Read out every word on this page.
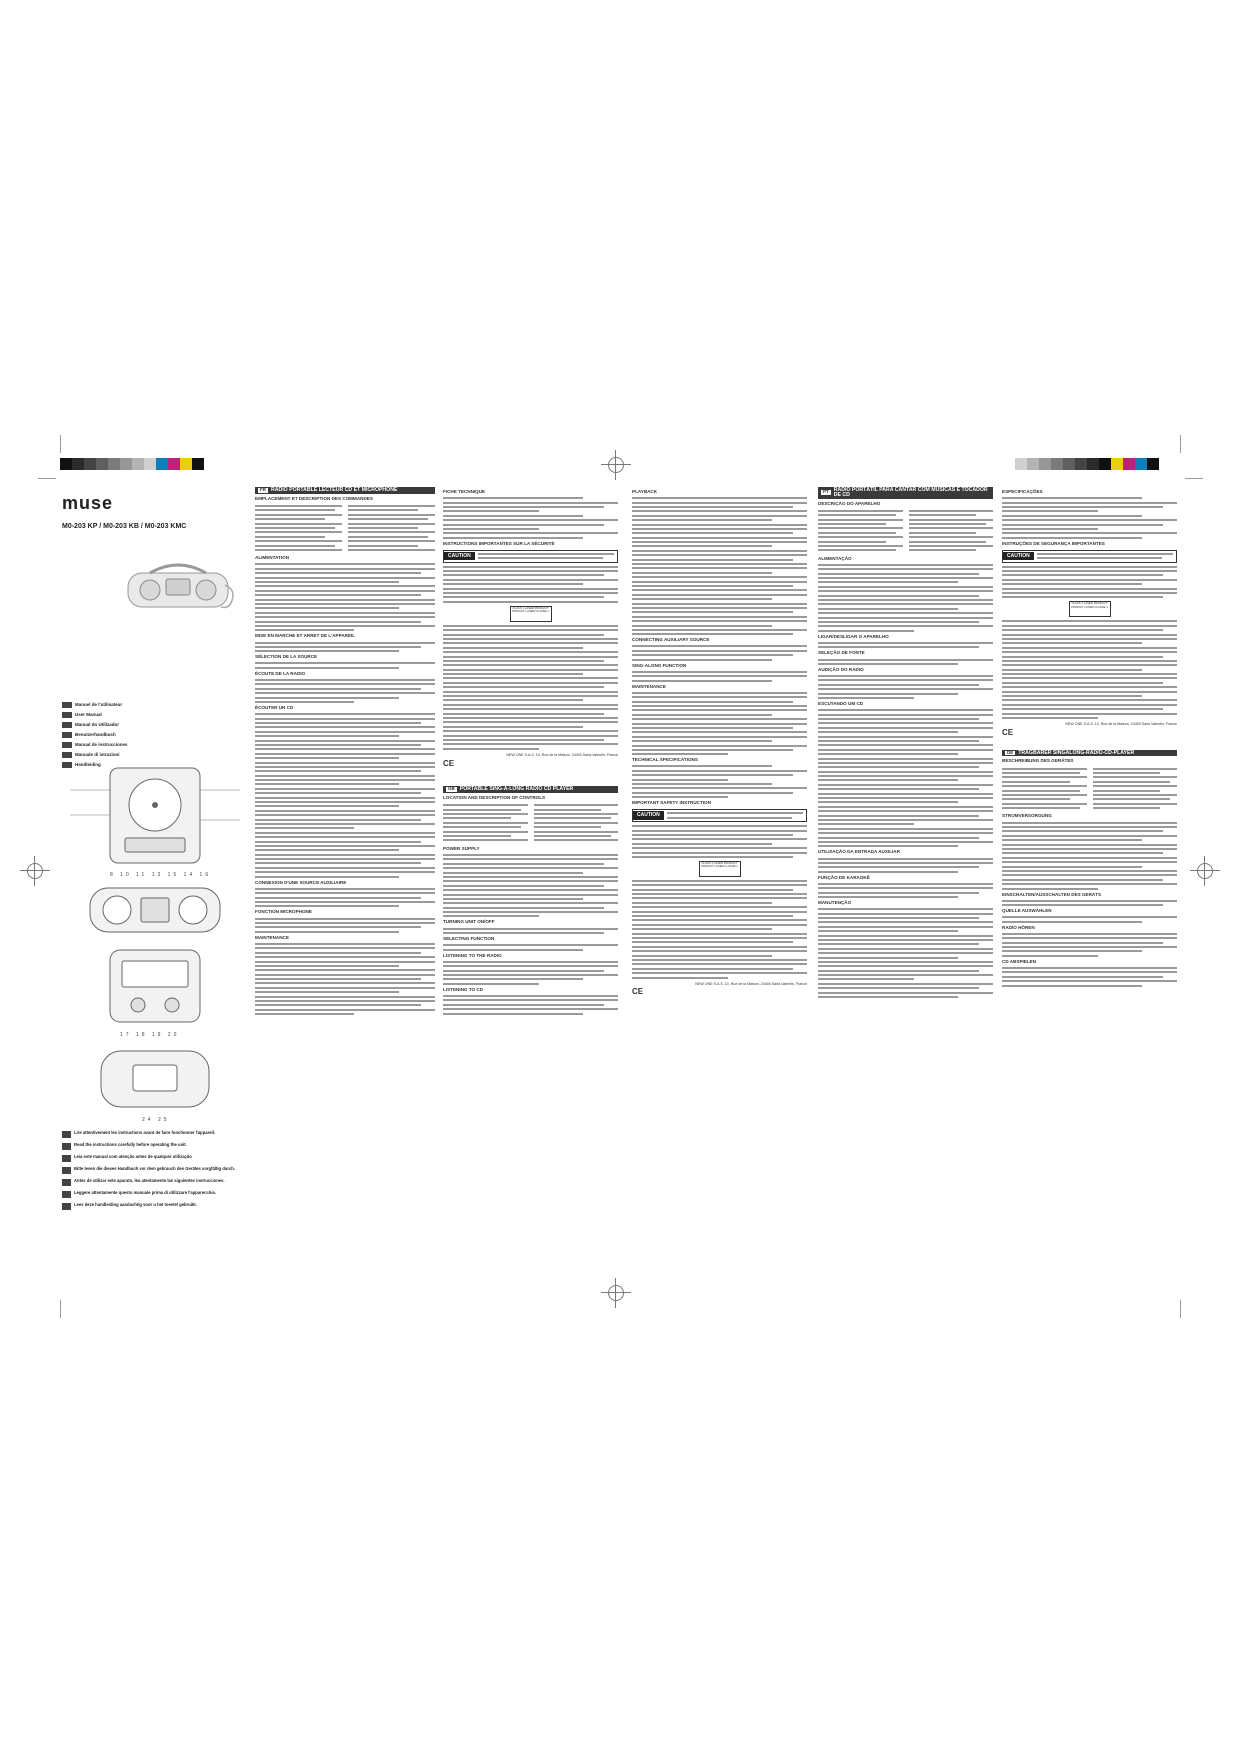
muse
M0-203 KP / M0-203 KB / M0-203 KMC
Manuel de l'utilisateur
User Manual
Manual do Utilizador
Benutzerhandbuch
Manual de instrucciones
Manuale di istruzioni
Handleiding
8 10 11 13 15 14 16
17 18 19 20
24 25
Lire attentivement les instructions avant de faire fonctionner l'appareil.
Read the instructions carefully before operating the unit.
Leia este manual com atenção antes de qualquer utilização
Bitte lesen die dieses Handbuch vor dem gebrauch des Gerätes sorgfältig durch.
Antes de utilizar este aparato, lea atentamente las siguientes instrucciones.
Leggere attentamente questo manuale prima di utilizzare l'apparecchio.
Lees deze handleiding aandachtig voor u het toestel gebruikt.
FR RADIO PORTABLE LECTEUR CD ET MICROPHONE
EMPLACEMENT ET DESCRIPTION DES COMMANDES
ALIMENTATION
MISE EN MARCHE ET ARRET DE L'APPAREIL
SÉLECTION DE LA SOURCE
ÉCOUTE DE LA RADIO
ÉCOUTER UN CD
CONNEXION D'UNE SOURCE AUXILIAIRE
FONCTION MICROPHONE
MAINTENANCE
FICHE TECHNIQUE
INSTRUCTIONS IMPORTANTES SUR LA SÉCURITÉ
CAUTION
CLASS 1 LASER PRODUCT PRODUIT LASER CLASSE 1
NEW ONE S.A.S. 10, Rue de la Maison, 24400 Saint-Valentin, France
CE
GB PORTABLE SING-A-LONG RADIO CD PLAYER
LOCATION AND DESCRIPTION OF CONTROLS
POWER SUPPLY
TURNING UNIT ON/OFF
SELECTING FUNCTION
LISTENING TO THE RADIO
LISTENING TO CD
PLAYBACK
CONNECTING AUXILIARY SOURCE
SING-ALONG FUNCTION
MAINTENANCE
TECHNICAL SPECIFICATIONS
IMPORTANT SAFETY INSTRUCTION
CAUTION
CLASS 1 LASER PRODUCT PRODUIT LASER CLASSE 1
NEW ONE S.A.S. 10, Rue de la Maison, 24400 Saint-Valentin, France
CE
PT RÁDIO PORTÁTIL PARA CANTAR COM MÚSICAS E TOCADOR DE CD
DESCRIÇÃO DO APARELHO
ALIMENTAÇÃO
LIGAR/DESLIGAR O APARELHO
SELEÇÃO DE FONTE
AUDIÇÃO DO RÁDIO
ESCUTANDO UM CD
UTILIZAÇÃO DA ENTRADA AUXILIAR
FUNÇÃO DE KARAOKÊ
MANUTENÇÃO
ESPECIFICAÇÕES
INSTRUÇÕES DE SEGURANÇA IMPORTANTES
CAUTION
CLASS 1 LASER PRODUCT PRODUIT LASER CLASSE 1
NEW ONE S.A.S. 10, Rue de la Maison, 24400 Saint-Valentin, France
CE
DE TRAGBARER SINGALONG-RADIO-CD-PLAYER
BESCHREIBUNG DES GERÄTES
STROMVERSORGUNG
EINSCHALTEN/AUSSCHALTEN DES GERÄTS
QUELLE AUSWÄHLEN
RADIO HÖREN
CD ABSPIELEN
